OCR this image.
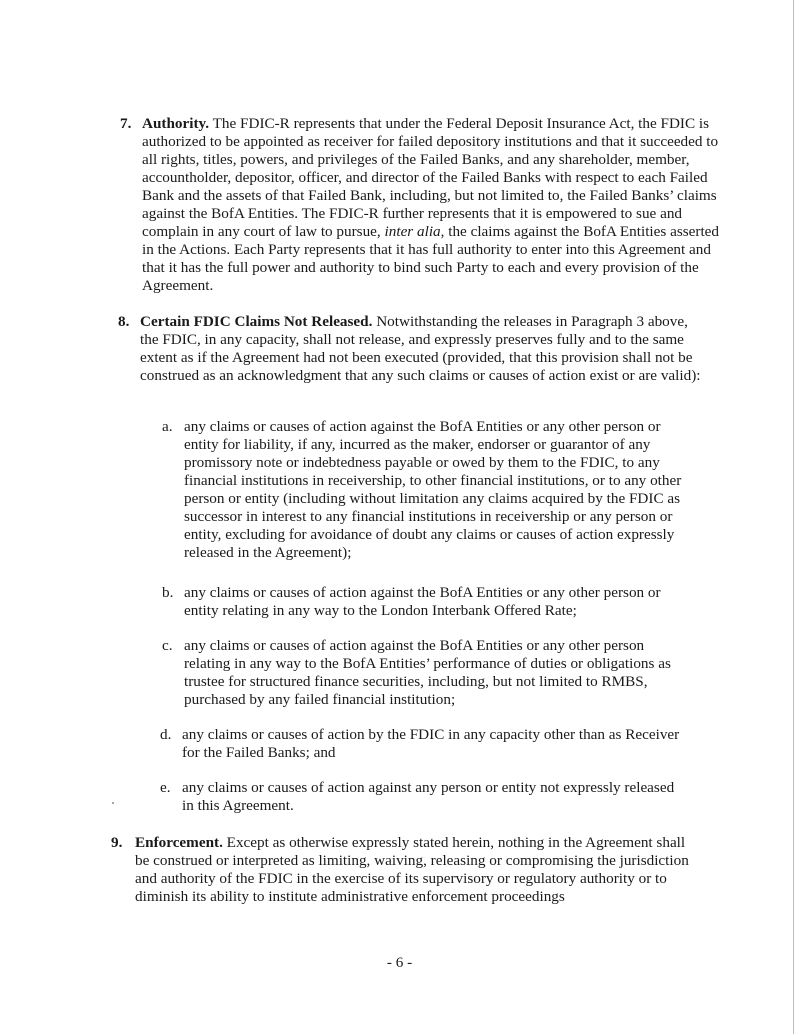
7. Authority. The FDIC-R represents that under the Federal Deposit Insurance Act, the FDIC is authorized to be appointed as receiver for failed depository institutions and that it succeeded to all rights, titles, powers, and privileges of the Failed Banks, and any shareholder, member, accountholder, depositor, officer, and director of the Failed Banks with respect to each Failed Bank and the assets of that Failed Bank, including, but not limited to, the Failed Banks’ claims against the BofA Entities. The FDIC-R further represents that it is empowered to sue and complain in any court of law to pursue, inter alia, the claims against the BofA Entities asserted in the Actions. Each Party represents that it has full authority to enter into this Agreement and that it has the full power and authority to bind such Party to each and every provision of the Agreement.

8. Certain FDIC Claims Not Released. Notwithstanding the releases in Paragraph 3 above, the FDIC, in any capacity, shall not release, and expressly preserves fully and to the same extent as if the Agreement had not been executed (provided, that this provision shall not be construed as an acknowledgment that any such claims or causes of action exist or are valid):

a. any claims or causes of action against the BofA Entities or any other person or entity for liability, if any, incurred as the maker, endorser or guarantor of any promissory note or indebtedness payable or owed by them to the FDIC, to any financial institutions in receivership, to other financial institutions, or to any other person or entity (including without limitation any claims acquired by the FDIC as successor in interest to any financial institutions in receivership or any person or entity, excluding for avoidance of doubt any claims or causes of action expressly released in the Agreement);
b. any claims or causes of action against the BofA Entities or any other person or entity relating in any way to the London Interbank Offered Rate;
c. any claims or causes of action against the BofA Entities or any other person relating in any way to the BofA Entities’ performance of duties or obligations as trustee for structured finance securities, including, but not limited to RMBS, purchased by any failed financial institution;
d. any claims or causes of action by the FDIC in any capacity other than as Receiver for the Failed Banks; and
e. any claims or causes of action against any person or entity not expressly released in this Agreement.
9. Enforcement. Except as otherwise expressly stated herein, nothing in the Agreement shall be construed or interpreted as limiting, waiving, releasing or compromising the jurisdiction and authority of the FDIC in the exercise of its supervisory or regulatory authority or to diminish its ability to institute administrative enforcement proceedings

- 6 -
